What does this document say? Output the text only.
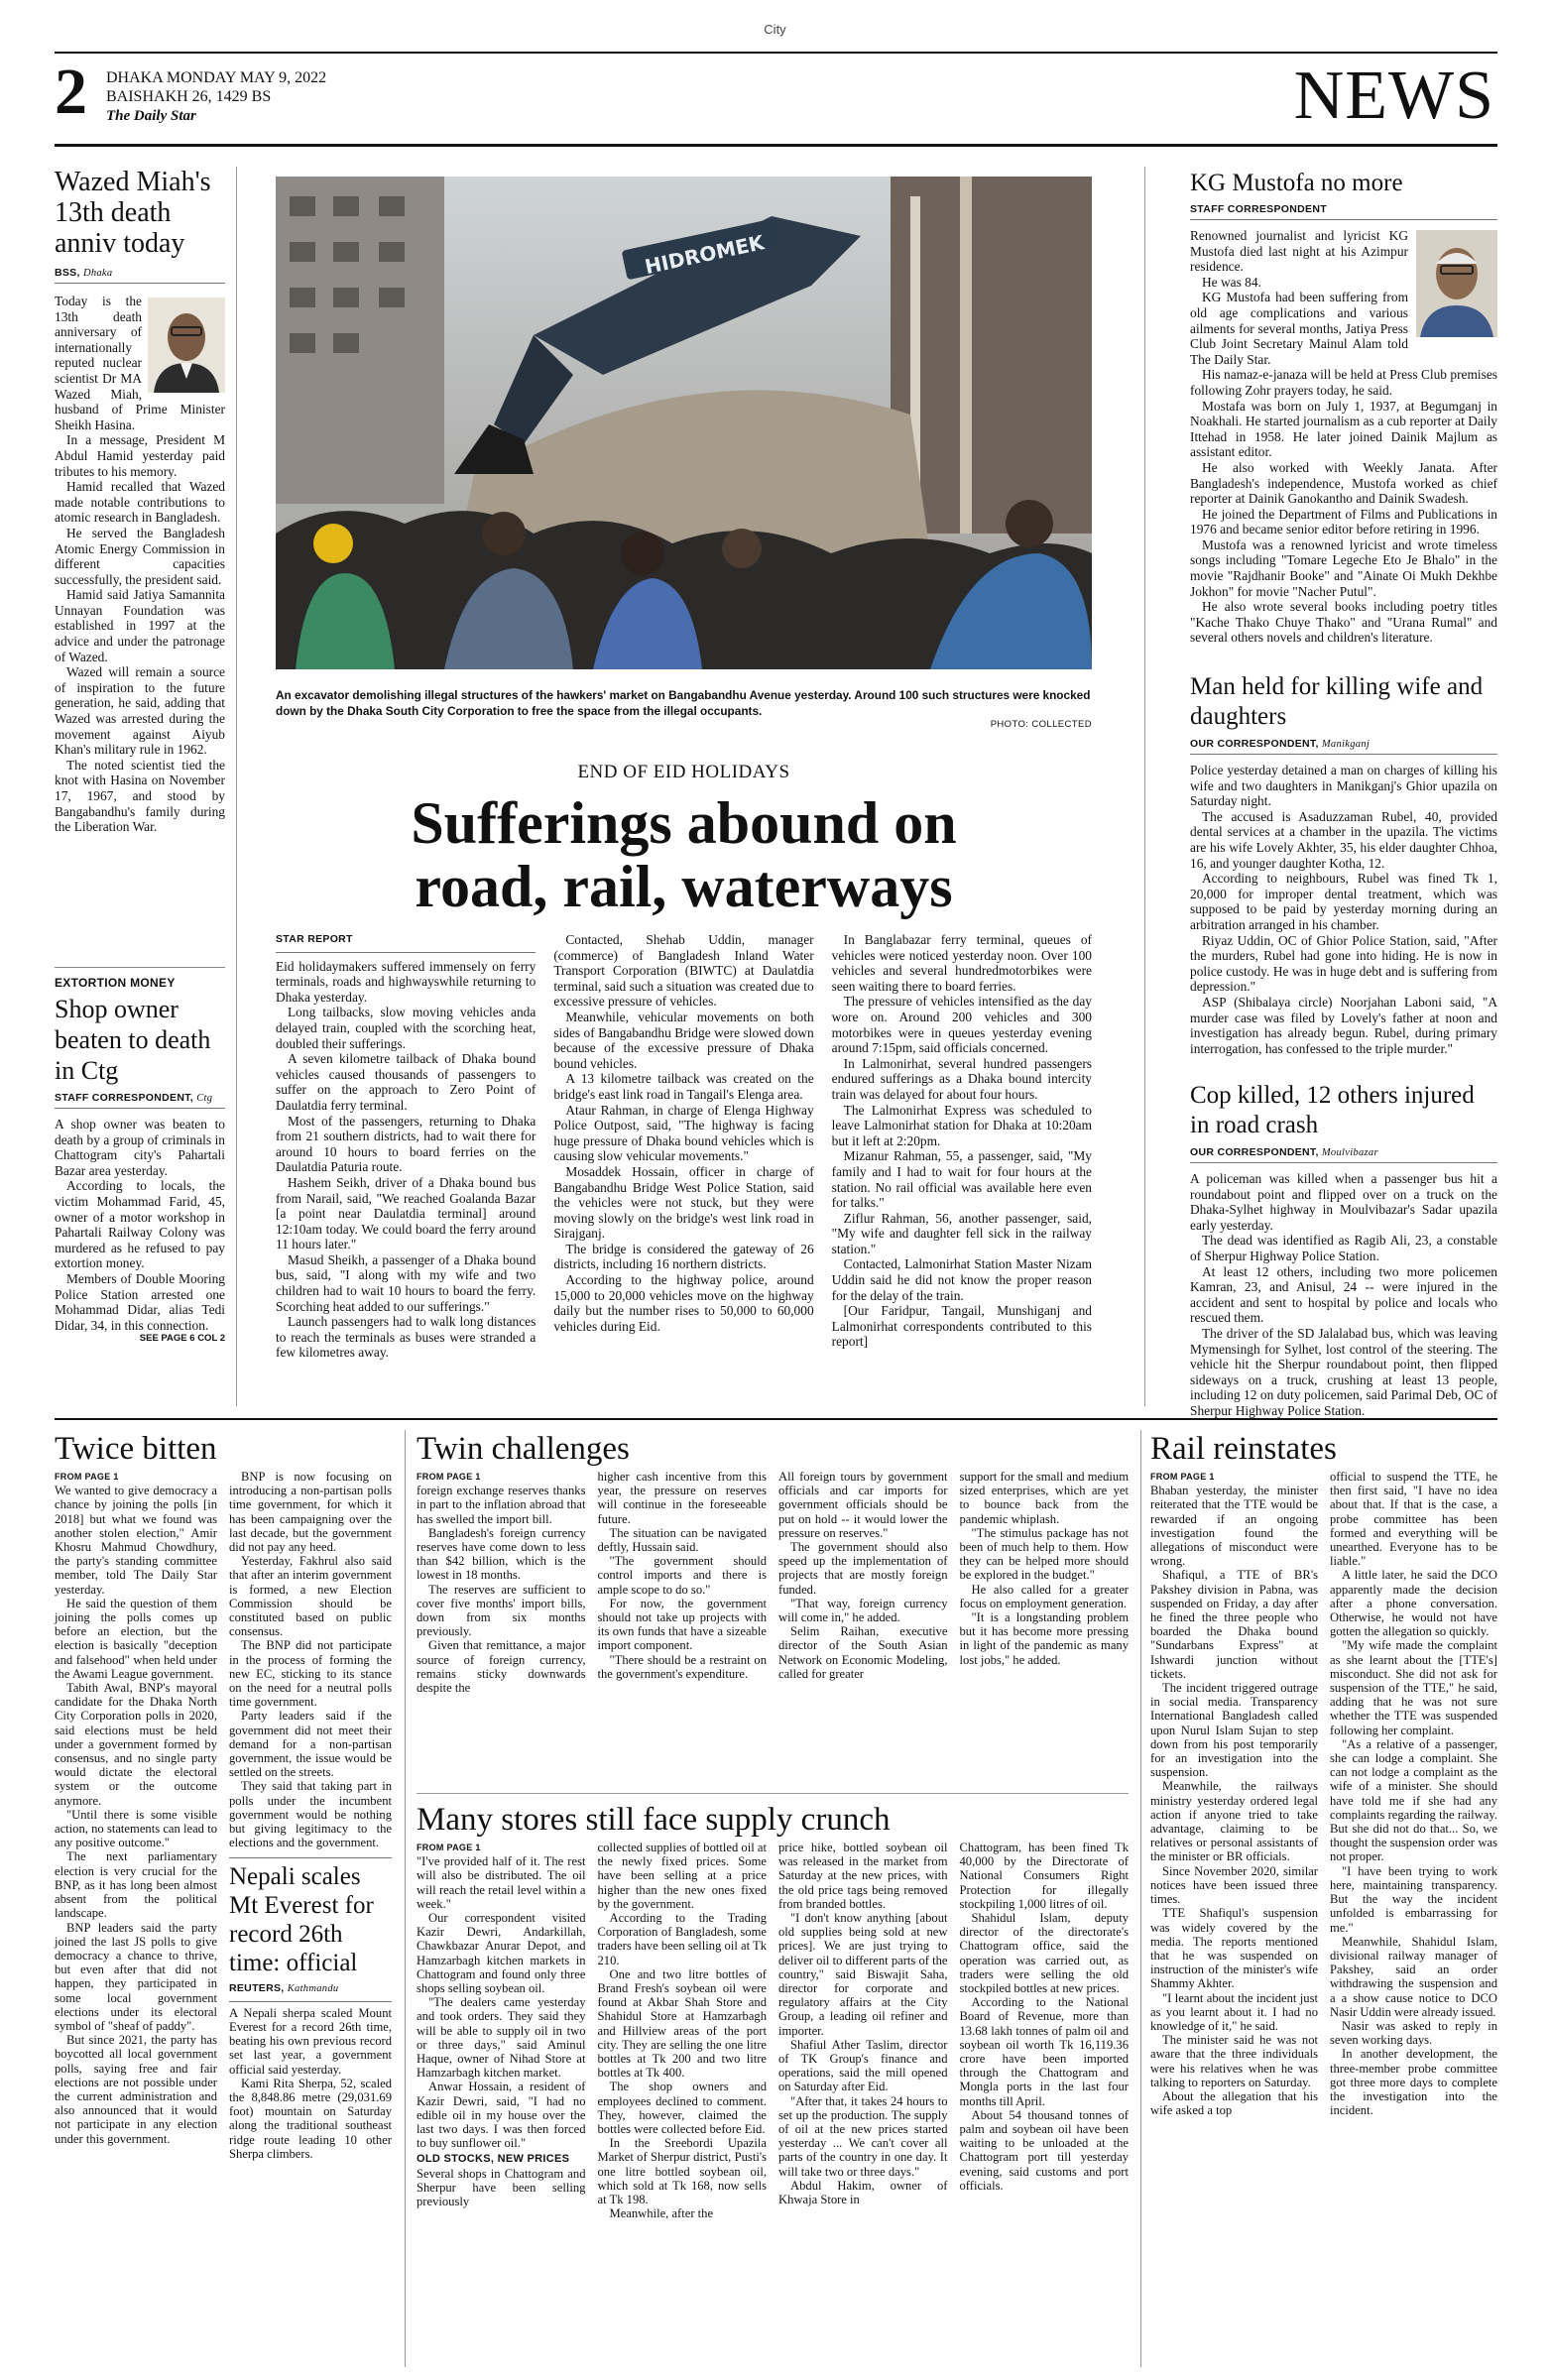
City
2 DHAKA MONDAY MAY 9, 2022
BAISHAKH 26, 1429 BS
The Daily Star	NEWS
Wazed Miah's 13th death anniv today
BSS, Dhaka

Today is the 13th death anniversary of internationally reputed nuclear scientist Dr MA Wazed Miah, husband of Prime Minister Sheikh Hasina.

In a message, President M Abdul Hamid yesterday paid tributes to his memory.

Hamid recalled that Wazed made notable contributions to atomic research in Bangladesh.

He served the Bangladesh Atomic Energy Commission in different capacities successfully, the president said.

Hamid said Jatiya Samannita Unnayan Foundation was established in 1997 at the advice and under the patronage of Wazed.

Wazed will remain a source of inspiration to the future generation, he said, adding that Wazed was arrested during the movement against Aiyub Khan's military rule in 1962.

The noted scientist tied the knot with Hasina on November 17, 1967, and stood by Bangabandhu's family during the Liberation War.

EXTORTION MONEY
Shop owner beaten to death in Ctg
STAFF CORRESPONDENT, Ctg

A shop owner was beaten to death by a group of criminals in Chattogram city's Pahartali Bazar area yesterday.

According to locals, the victim Mohammad Farid, 45, owner of a motor workshop in Pahartali Railway Colony was murdered as he refused to pay extortion money.

Members of Double Mooring Police Station arrested one Mohammad Didar, alias Tedi Didar, 34, in this connection.

SEE PAGE 6 COL 2
HIDROMEK
An excavator demolishing illegal structures of the hawkers' market on Bangabandhu Avenue yesterday. Around 100 such structures were knocked down by the Dhaka South City Corporation to free the space from the illegal occupants.
PHOTO: COLLECTED
END OF EID HOLIDAYS
Sufferings abound on
road, rail, waterways
STAR REPORT

Eid holidaymakers suffered immensely on ferry terminals, roads and highwayswhile returning to Dhaka yesterday.

Long tailbacks, slow moving vehicles anda delayed train, coupled with the scorching heat, doubled their sufferings.

A seven kilometre tailback of Dhaka bound vehicles caused thousands of passengers to suffer on the approach to Zero Point of Daulatdia ferry terminal.

Most of the passengers, returning to Dhaka from 21 southern districts, had to wait there for around 10 hours to board ferries on the Daulatdia Paturia route.

Hashem Seikh, driver of a Dhaka bound bus from Narail, said, "We reached Goalanda Bazar [a point near Daulatdia terminal] around 12:10am today. We could board the ferry around 11 hours later."

Masud Sheikh, a passenger of a Dhaka bound bus, said, "I along with my wife and two children had to wait 10 hours to board the ferry. Scorching heat added to our sufferings."

Launch passengers had to walk long distances to reach the terminals as buses were stranded a few kilometres away.

Contacted, Shehab Uddin, manager (commerce) of Bangladesh Inland Water Transport Corporation (BIWTC) at Daulatdia terminal, said such a situation was created due to excessive pressure of vehicles.

Meanwhile, vehicular movements on both sides of Bangabandhu Bridge were slowed down because of the excessive pressure of Dhaka bound vehicles.

A 13 kilometre tailback was created on the bridge's east link road in Tangail's Elenga area.

Ataur Rahman, in charge of Elenga Highway Police Outpost, said, "The highway is facing huge pressure of Dhaka bound vehicles which is causing slow vehicular movements."

Mosaddek Hossain, officer in charge of Bangabandhu Bridge West Police Station, said the vehicles were not stuck, but they were moving slowly on the bridge's west link road in Sirajganj.

The bridge is considered the gateway of 26 districts, including 16 northern districts.

According to the highway police, around 15,000 to 20,000 vehicles move on the highway daily but the number rises to 50,000 to 60,000 vehicles during Eid.

In Banglabazar ferry terminal, queues of vehicles were noticed yesterday noon. Over 100 vehicles and several hundredmotorbikes were seen waiting there to board ferries.

The pressure of vehicles intensified as the day wore on. Around 200 vehicles and 300 motorbikes were in queues yesterday evening around 7:15pm, said officials concerned.

In Lalmonirhat, several hundred passengers endured sufferings as a Dhaka bound intercity train was delayed for about four hours.

The Lalmonirhat Express was scheduled to leave Lalmonirhat station for Dhaka at 10:20am but it left at 2:20pm.

Mizanur Rahman, 55, a passenger, said, "My family and I had to wait for four hours at the station. No rail official was available here even for talks."

Ziflur Rahman, 56, another passenger, said, "My wife and daughter fell sick in the railway station."

Contacted, Lalmonirhat Station Master Nizam Uddin said he did not know the proper reason for the delay of the train.

[Our Faridpur, Tangail, Munshiganj and Lalmonirhat correspondents contributed to this report]

KG Mustofa no more
STAFF CORRESPONDENT

Renowned journalist and lyricist KG Mustofa died last night at his Azimpur residence.

He was 84.

KG Mustofa had been suffering from old age complications and various ailments for several months, Jatiya Press Club Joint Secretary Mainul Alam told The Daily Star.

His namaz-e-janaza will be held at Press Club premises following Zohr prayers today, he said.

Mostafa was born on July 1, 1937, at Begumganj in Noakhali. He started journalism as a cub reporter at Daily Ittehad in 1958. He later joined Dainik Majlum as assistant editor.

He also worked with Weekly Janata. After Bangladesh's independence, Mustofa worked as chief reporter at Dainik Ganokantho and Dainik Swadesh.

He joined the Department of Films and Publications in 1976 and became senior editor before retiring in 1996.

Mustofa was a renowned lyricist and wrote timeless songs including "Tomare Legeche Eto Je Bhalo" in the movie "Rajdhanir Booke" and "Ainate Oi Mukh Dekhbe Jokhon" for movie "Nacher Putul".

He also wrote several books including poetry titles "Kache Thako Chuye Thako" and "Urana Rumal" and several others novels and children's literature.

Man held for killing wife and daughters
OUR CORRESPONDENT, Manikganj

Police yesterday detained a man on charges of killing his wife and two daughters in Manikganj's Ghior upazila on Saturday night.

The accused is Asaduzzaman Rubel, 40, provided dental services at a chamber in the upazila. The victims are his wife Lovely Akhter, 35, his elder daughter Chhoa, 16, and younger daughter Kotha, 12.

According to neighbours, Rubel was fined Tk 1, 20,000 for improper dental treatment, which was supposed to be paid by yesterday morning during an arbitration arranged in his chamber.

Riyaz Uddin, OC of Ghior Police Station, said, "After the murders, Rubel had gone into hiding. He is now in police custody. He was in huge debt and is suffering from depression."

ASP (Shibalaya circle) Noorjahan Laboni said, "A murder case was filed by Lovely's father at noon and investigation has already begun. Rubel, during primary interrogation, has confessed to the triple murder."

Cop killed, 12 others injured in road crash
OUR CORRESPONDENT, Moulvibazar

A policeman was killed when a passenger bus hit a roundabout point and flipped over on a truck on the Dhaka-Sylhet highway in Moulvibazar's Sadar upazila early yesterday.

The dead was identified as Ragib Ali, 23, a constable of Sherpur Highway Police Station.

At least 12 others, including two more policemen Kamran, 23, and Anisul, 24 -- were injured in the accident and sent to hospital by police and locals who rescued them.

The driver of the SD Jalalabad bus, which was leaving Mymensingh for Sylhet, lost control of the steering. The vehicle hit the Sherpur roundabout point, then flipped sideways on a truck, crushing at least 13 people, including 12 on duty policemen, said Parimal Deb, OC of Sherpur Highway Police Station.

Twice bitten
FROM PAGE 1

We wanted to give democracy a chance by joining the polls [in 2018] but what we found was another stolen election," Amir Khosru Mahmud Chowdhury, the party's standing committee member, told The Daily Star yesterday.

He said the question of them joining the polls comes up before an election, but the election is basically "deception and falsehood" when held under the Awami League government.

Tabith Awal, BNP's mayoral candidate for the Dhaka North City Corporation polls in 2020, said elections must be held under a government formed by consensus, and no single party would dictate the electoral system or the outcome anymore.

"Until there is some visible action, no statements can lead to any positive outcome."

The next parliamentary election is very crucial for the BNP, as it has long been almost absent from the political landscape.

BNP leaders said the party joined the last JS polls to give democracy a chance to thrive, but even after that did not happen, they participated in some local government elections under its electoral symbol of "sheaf of paddy".

But since 2021, the party has boycotted all local government polls, saying free and fair elections are not possible under the current administration and also announced that it would not participate in any election under this government.

BNP is now focusing on introducing a non-partisan polls time government, for which it has been campaigning over the last decade, but the government did not pay any heed.

Yesterday, Fakhrul also said that after an interim government is formed, a new Election Commission should be constituted based on public consensus.

The BNP did not participate in the process of forming the new EC, sticking to its stance on the need for a neutral polls time government.

Party leaders said if the government did not meet their demand for a non-partisan government, the issue would be settled on the streets.

They said that taking part in polls under the incumbent government would be nothing but giving legitimacy to the elections and the government.

Nepali scales Mt Everest for record 26th time: official
REUTERS, Kathmandu

A Nepali sherpa scaled Mount Everest for a record 26th time, beating his own previous record set last year, a government official said yesterday.

Kami Rita Sherpa, 52, scaled the 8,848.86 metre (29,031.69 foot) mountain on Saturday along the traditional southeast ridge route leading 10 other Sherpa climbers.

Twin challenges
FROM PAGE 1

foreign exchange reserves thanks in part to the inflation abroad that has swelled the import bill.

Bangladesh's foreign currency reserves have come down to less than $42 billion, which is the lowest in 18 months.

The reserves are sufficient to cover five months' import bills, down from six months previously.

Given that remittance, a major source of foreign currency, remains sticky downwards despite the

higher cash incentive from this year, the pressure on reserves will continue in the foreseeable future.

The situation can be navigated deftly, Hussain said.

"The government should control imports and there is ample scope to do so."

For now, the government should not take up projects with its own funds that have a sizeable import component.

"There should be a restraint on the government's expenditure.

All foreign tours by government officials and car imports for government officials should be put on hold -- it would lower the pressure on reserves."

The government should also speed up the implementation of projects that are mostly foreign funded.

"That way, foreign currency will come in," he added.

Selim Raihan, executive director of the South Asian Network on Economic Modeling, called for greater

support for the small and medium sized enterprises, which are yet to bounce back from the pandemic whiplash.

"The stimulus package has not been of much help to them. How they can be helped more should be explored in the budget."

He also called for a greater focus on employment generation.

"It is a longstanding problem but it has become more pressing in light of the pandemic as many lost jobs," he added.

Many stores still face supply crunch
FROM PAGE 1

"I've provided half of it. The rest will also be distributed. The oil will reach the retail level within a week."

Our correspondent visited Kazir Dewri, Andarkillah, Chawkbazar Anurar Depot, and Hamzarbagh kitchen markets in Chattogram and found only three shops selling soybean oil.

"The dealers came yesterday and took orders. They said they will be able to supply oil in two or three days," said Aminul Haque, owner of Nihad Store at Hamzarbagh kitchen market.

Anwar Hossain, a resident of Kazir Dewri, said, "I had no edible oil in my house over the last two days. I was then forced to buy sunflower oil."

OLD STOCKS, NEW PRICES

Several shops in Chattogram and Sherpur have been selling previously

collected supplies of bottled oil at the newly fixed prices. Some have been selling at a price higher than the new ones fixed by the government.

According to the Trading Corporation of Bangladesh, some traders have been selling oil at Tk 210.

One and two litre bottles of Brand Fresh's soybean oil were found at Akbar Shah Store and Shahidul Store at Hamzarbagh and Hillview areas of the port city. They are selling the one litre bottles at Tk 200 and two litre bottles at Tk 400.

The shop owners and employees declined to comment. They, however, claimed the bottles were collected before Eid.

In the Sreebordi Upazila Market of Sherpur district, Pusti's one litre bottled soybean oil, which sold at Tk 168, now sells at Tk 198.

Meanwhile, after the

price hike, bottled soybean oil was released in the market from Saturday at the new prices, with the old price tags being removed from branded bottles.

"I don't know anything [about old supplies being sold at new prices]. We are just trying to deliver oil to different parts of the country," said Biswajit Saha, director for corporate and regulatory affairs at the City Group, a leading oil refiner and importer.

Shafiul Ather Taslim, director of TK Group's finance and operations, said the mill opened on Saturday after Eid.

"After that, it takes 24 hours to set up the production. The supply of oil at the new prices started yesterday ... We can't cover all parts of the country in one day. It will take two or three days."

Abdul Hakim, owner of Khwaja Store in

Chattogram, has been fined Tk 40,000 by the Directorate of National Consumers Right Protection for illegally stockpiling 1,000 litres of oil.

Shahidul Islam, deputy director of the directorate's Chattogram office, said the operation was carried out, as traders were selling the old stockpiled bottles at new prices.

According to the National Board of Revenue, more than 13.68 lakh tonnes of palm oil and soybean oil worth Tk 16,119.36 crore have been imported through the Chattogram and Mongla ports in the last four months till April.

About 54 thousand tonnes of palm and soybean oil have been waiting to be unloaded at the Chattogram port till yesterday evening, said customs and port officials.

Rail reinstates
FROM PAGE 1

Bhaban yesterday, the minister reiterated that the TTE would be rewarded if an ongoing investigation found the allegations of misconduct were wrong.

Shafiqul, a TTE of BR's Pakshey division in Pabna, was suspended on Friday, a day after he fined the three people who boarded the Dhaka bound "Sundarbans Express" at Ishwardi junction without tickets.

The incident triggered outrage in social media. Transparency International Bangladesh called upon Nurul Islam Sujan to step down from his post temporarily for an investigation into the suspension.

Meanwhile, the railways ministry yesterday ordered legal action if anyone tried to take advantage, claiming to be relatives or personal assistants of the minister or BR officials.

Since November 2020, similar notices have been issued three times.

TTE Shafiqul's suspension was widely covered by the media. The reports mentioned that he was suspended on instruction of the minister's wife Shammy Akhter.

"I learnt about the incident just as you learnt about it. I had no knowledge of it," he said.

The minister said he was not aware that the three individuals were his relatives when he was talking to reporters on Saturday.

About the allegation that his wife asked a top

official to suspend the TTE, he then first said, "I have no idea about that. If that is the case, a probe committee has been formed and everything will be unearthed. Everyone has to be liable."

A little later, he said the DCO apparently made the decision after a phone conversation. Otherwise, he would not have gotten the allegation so quickly.

"My wife made the complaint as she learnt about the [TTE's] misconduct. She did not ask for suspension of the TTE," he said, adding that he was not sure whether the TTE was suspended following her complaint.

"As a relative of a passenger, she can lodge a complaint. She can not lodge a complaint as the wife of a minister. She should have told me if she had any complaints regarding the railway. But she did not do that... So, we thought the suspension order was not proper.

"I have been trying to work here, maintaining transparency. But the way the incident unfolded is embarrassing for me."

Meanwhile, Shahidul Islam, divisional railway manager of Pakshey, said an order withdrawing the suspension and a a show cause notice to DCO Nasir Uddin were already issued.

Nasir was asked to reply in seven working days.

In another development, the three-member probe committee got three more days to complete the investigation into the incident.
